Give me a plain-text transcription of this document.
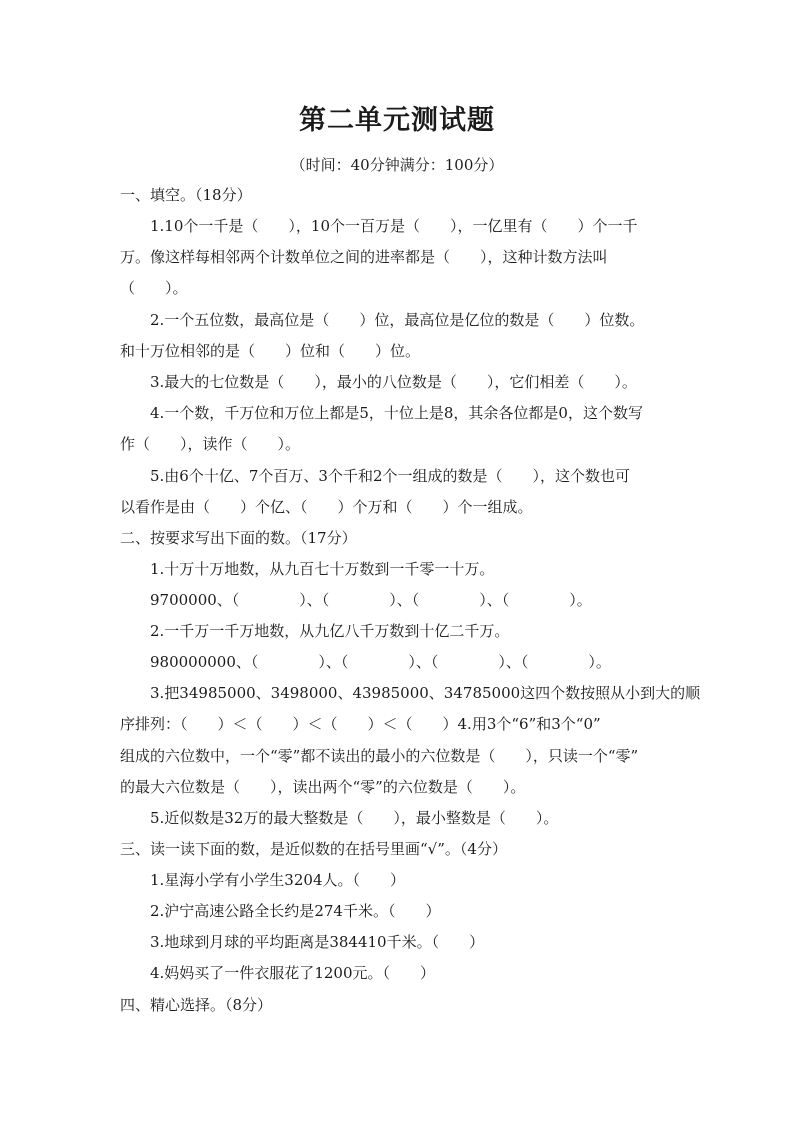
第二单元测试题
（时间：40分钟满分：100分）
一、填空。（18分）
1.10个一千是（　　），10个一百万是（　　），一亿里有（　　）个一千
万。像这样每相邻两个计数单位之间的进率都是（　　），这种计数方法叫
（　　）。
2.一个五位数，最高位是（　　）位，最高位是亿位的数是（　　）位数。
和十万位相邻的是（　　）位和（　　）位。
3.最大的七位数是（　　），最小的八位数是（　　），它们相差（　　）。
4.一个数，千万位和万位上都是5，十位上是8，其余各位都是0，这个数写
作（　　），读作（　　）。
5.由6个十亿、7个百万、3个千和2个一组成的数是（　　），这个数也可
以看作是由（　　）个亿、（　　）个万和（　　）个一组成。
二、按要求写出下面的数。（17分）
1.十万十万地数，从九百七十万数到一千零一十万。
9700000、（　　　　）、（　　　　）、（　　　　）、（　　　　）。
2.一千万一千万地数，从九亿八千万数到十亿二千万。
980000000、（　　　　）、（　　　　）、（　　　　）、（　　　　）。
3.把34985000、3498000、43985000、34785000这四个数按照从小到大的顺
序排列：（　　）＜（　　）＜（　　）＜（　　）4.用3个“6”和3个“0”
组成的六位数中，一个“零”都不读出的最小的六位数是（　　），只读一个“零”
的最大六位数是（　　），读出两个“零”的六位数是（　　）。
5.近似数是32万的最大整数是（　　），最小整数是（　　）。
三、读一读下面的数，是近似数的在括号里画“√”。（4分）
1.星海小学有小学生3204人。（　　）
2.沪宁高速公路全长约是274千米。（　　）
3.地球到月球的平均距离是384410千米。（　　）
4.妈妈买了一件衣服花了1200元。（　　）
四、精心选择。（8分）
